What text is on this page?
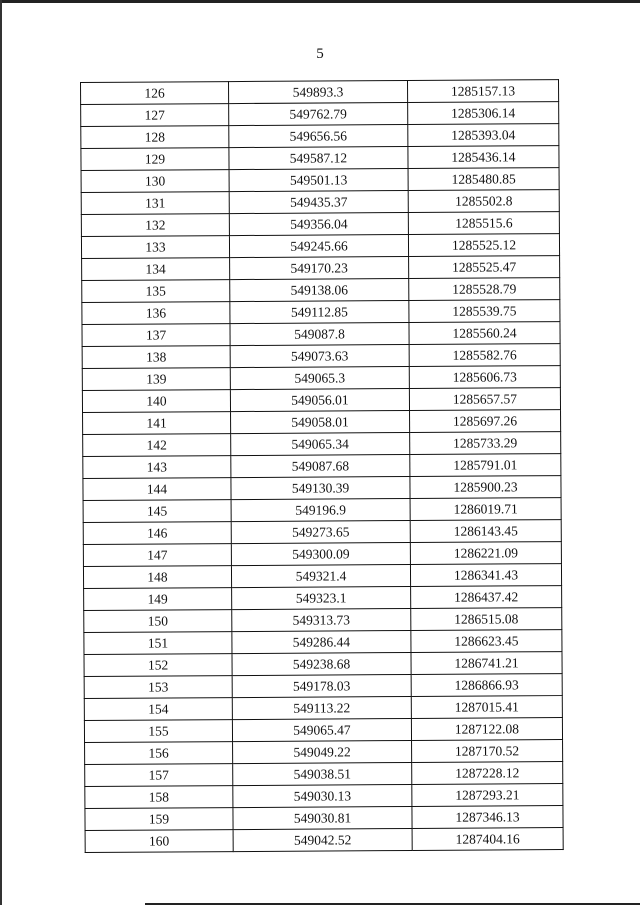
5
126	549893.3	1285157.13
127	549762.79	1285306.14
128	549656.56	1285393.04
129	549587.12	1285436.14
130	549501.13	1285480.85
131	549435.37	1285502.8
132	549356.04	1285515.6
133	549245.66	1285525.12
134	549170.23	1285525.47
135	549138.06	1285528.79
136	549112.85	1285539.75
137	549087.8	1285560.24
138	549073.63	1285582.76
139	549065.3	1285606.73
140	549056.01	1285657.57
141	549058.01	1285697.26
142	549065.34	1285733.29
143	549087.68	1285791.01
144	549130.39	1285900.23
145	549196.9	1286019.71
146	549273.65	1286143.45
147	549300.09	1286221.09
148	549321.4	1286341.43
149	549323.1	1286437.42
150	549313.73	1286515.08
151	549286.44	1286623.45
152	549238.68	1286741.21
153	549178.03	1286866.93
154	549113.22	1287015.41
155	549065.47	1287122.08
156	549049.22	1287170.52
157	549038.51	1287228.12
158	549030.13	1287293.21
159	549030.81	1287346.13
160	549042.52	1287404.16
